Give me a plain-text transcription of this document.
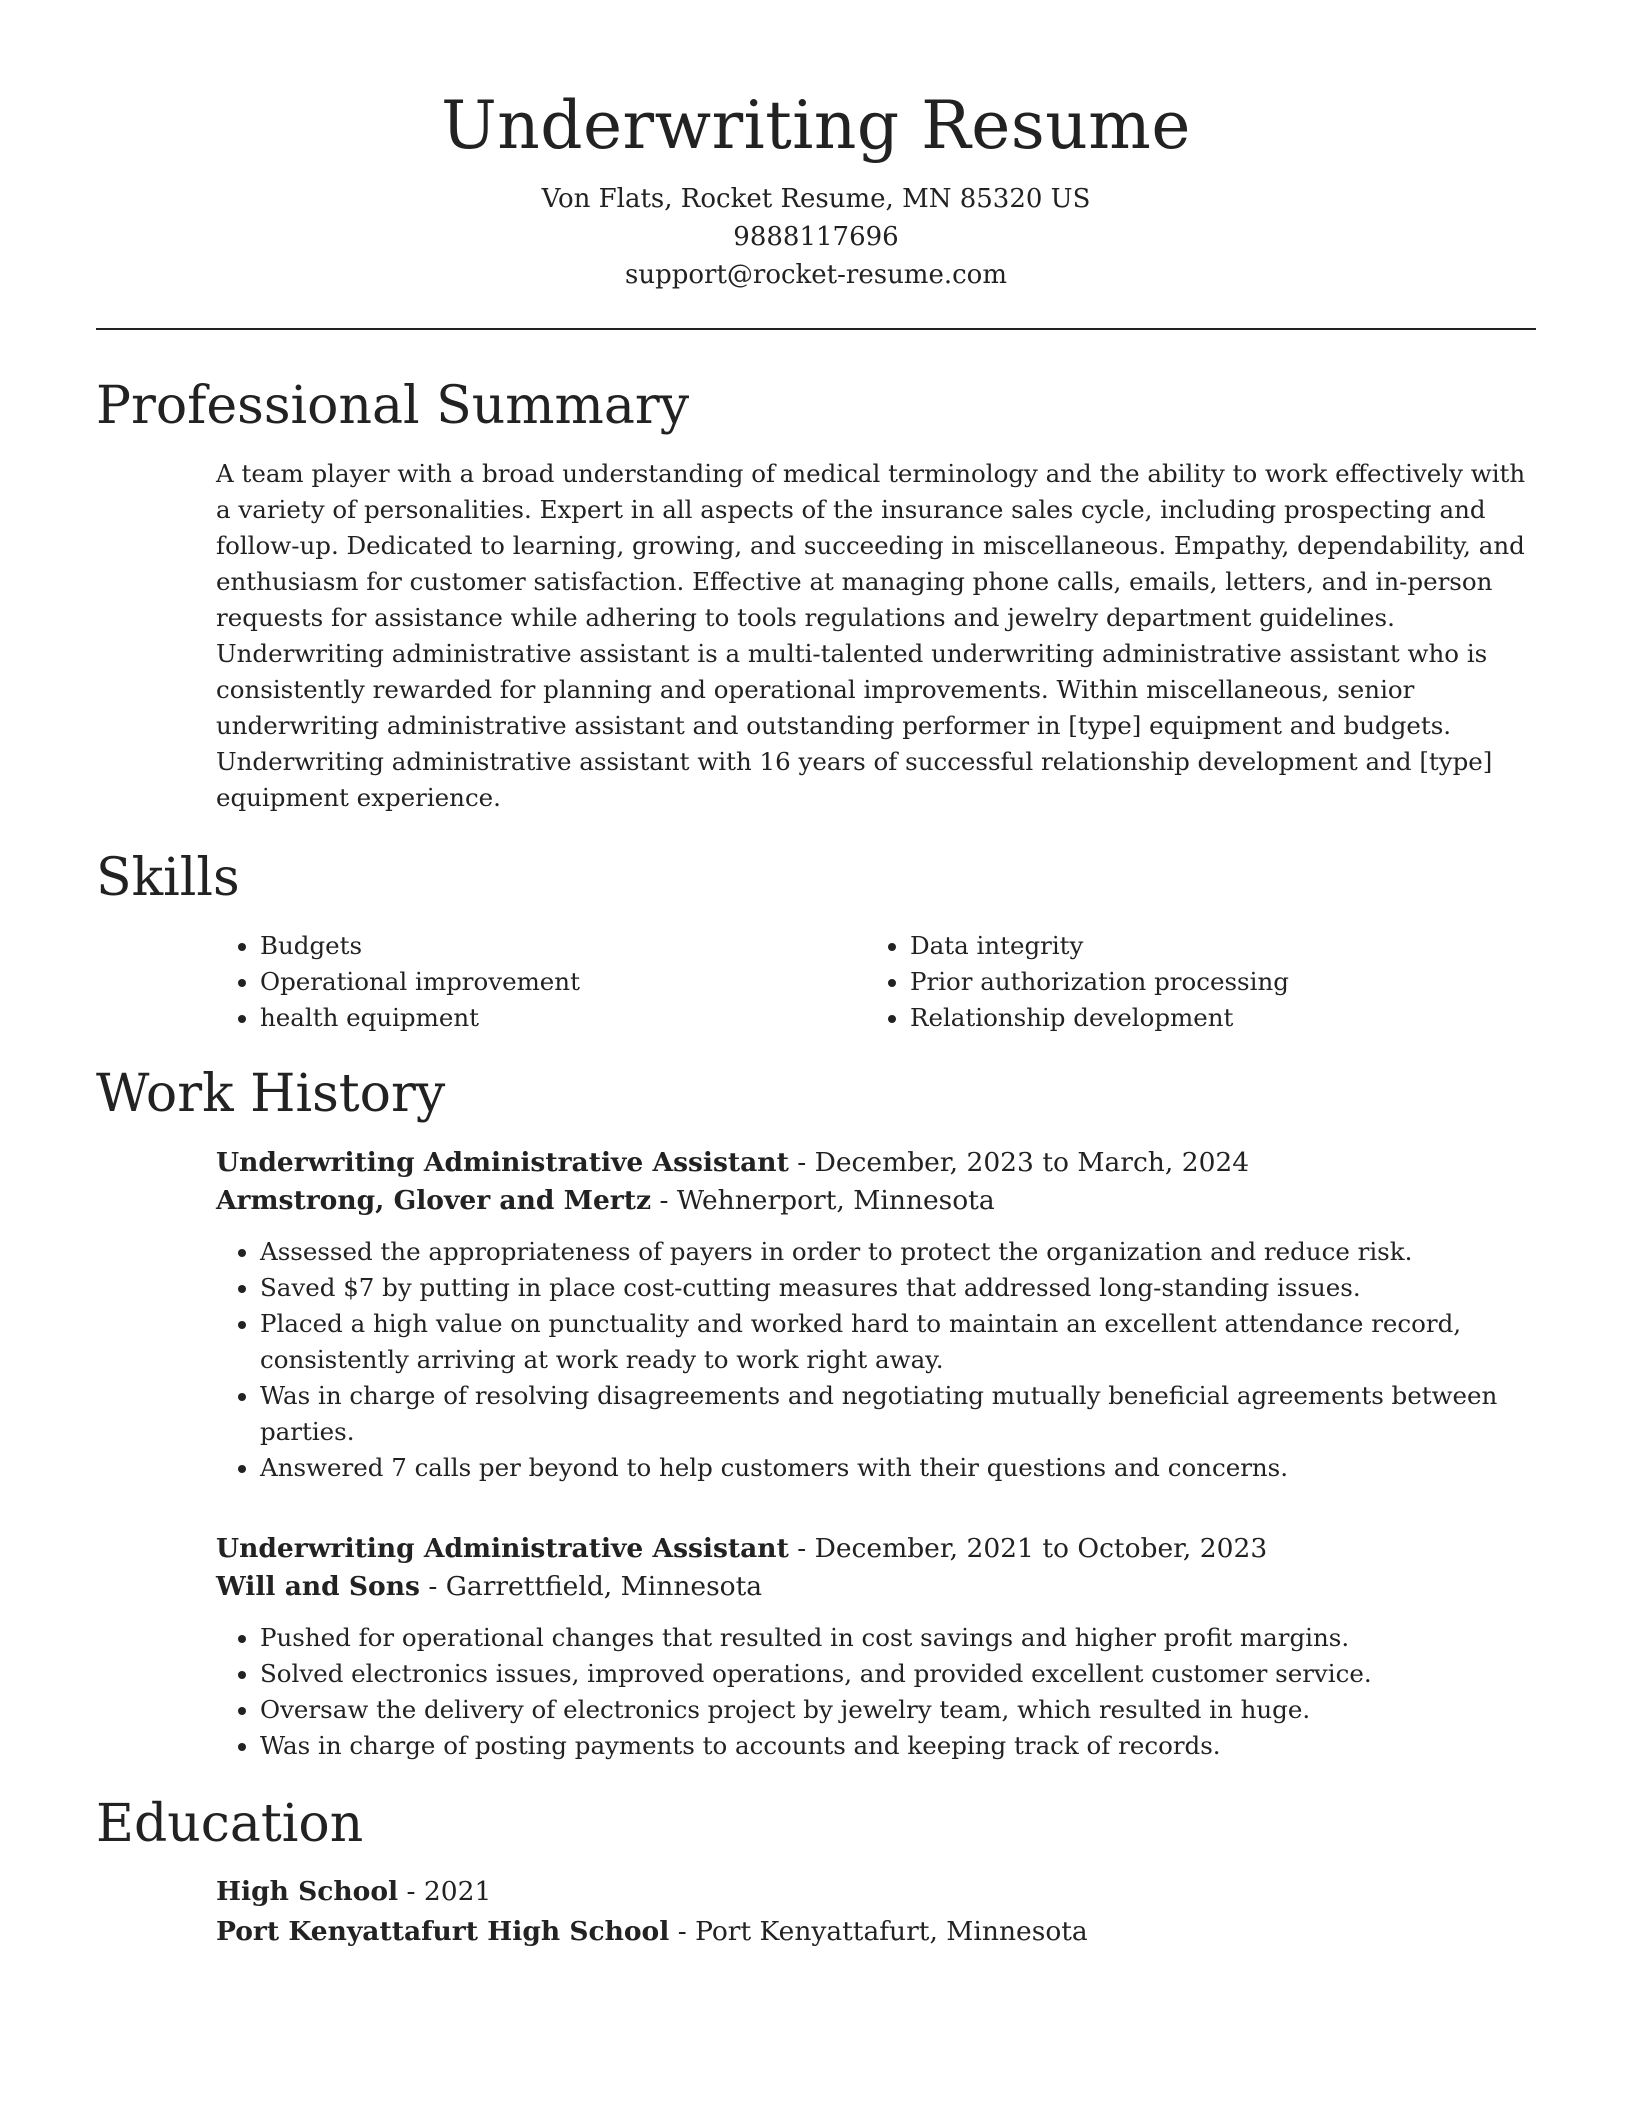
Underwriting Resume
Von Flats, Rocket Resume, MN 85320 US
9888117696
support@rocket-resume.com
Professional Summary

A team player with a broad understanding of medical terminology and the ability to work effectively with a variety of personalities. Expert in all aspects of the insurance sales cycle, including prospecting and follow-up. Dedicated to learning, growing, and succeeding in miscellaneous. Empathy, dependability, and enthusiasm for customer satisfaction. Effective at managing phone calls, emails, letters, and in-person requests for assistance while adhering to tools regulations and jewelry department guidelines. Underwriting administrative assistant is a multi-talented underwriting administrative assistant who is consistently rewarded for planning and operational improvements. Within miscellaneous, senior underwriting administrative assistant and outstanding performer in [type] equipment and budgets. Underwriting administrative assistant with 16 years of successful relationship development and [type] equipment experience.

Skills
• Budgets
• Operational improvement
• health equipment
• Data integrity
• Prior authorization processing
• Relationship development
Work History
Underwriting Administrative Assistant - December, 2023 to March, 2024
Armstrong, Glover and Mertz - Wehnerport, Minnesota
• Assessed the appropriateness of payers in order to protect the organization and reduce risk.
• Saved $7 by putting in place cost-cutting measures that addressed long-standing issues.
• Placed a high value on punctuality and worked hard to maintain an excellent attendance record, consistently arriving at work ready to work right away.
• Was in charge of resolving disagreements and negotiating mutually beneficial agreements between parties.
• Answered 7 calls per beyond to help customers with their questions and concerns.
Underwriting Administrative Assistant - December, 2021 to October, 2023
Will and Sons - Garrettfield, Minnesota
• Pushed for operational changes that resulted in cost savings and higher profit margins.
• Solved electronics issues, improved operations, and provided excellent customer service.
• Oversaw the delivery of electronics project by jewelry team, which resulted in huge.
• Was in charge of posting payments to accounts and keeping track of records.
Education
High School - 2021
Port Kenyattafurt High School - Port Kenyattafurt, Minnesota
